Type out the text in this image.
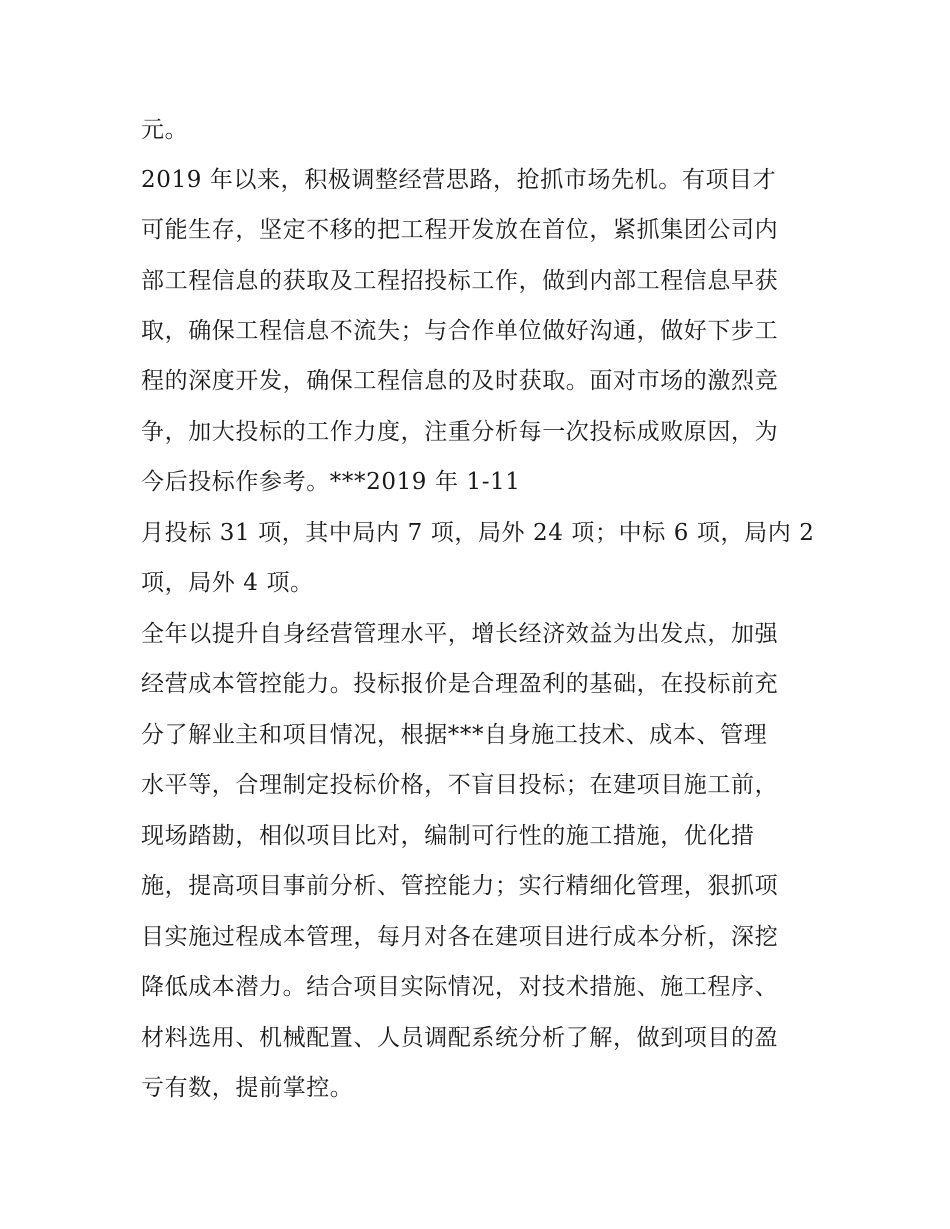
元。
2019 年以来，积极调整经营思路，抢抓市场先机。有项目才
可能生存，坚定不移的把工程开发放在首位，紧抓集团公司内
部工程信息的获取及工程招投标工作，做到内部工程信息早获
取，确保工程信息不流失；与合作单位做好沟通，做好下步工
程的深度开发，确保工程信息的及时获取。面对市场的激烈竞
争，加大投标的工作力度，注重分析每一次投标成败原因，为
今后投标作参考。***2019 年 1-11
月投标 31 项，其中局内 7 项，局外 24 项；中标 6 项，局内 2
项，局外 4 项。
全年以提升自身经营管理水平，增长经济效益为出发点，加强
经营成本管控能力。投标报价是合理盈利的基础，在投标前充
分了解业主和项目情况，根据***自身施工技术、成本、管理
水平等，合理制定投标价格，不盲目投标；在建项目施工前，
现场踏勘，相似项目比对，编制可行性的施工措施，优化措
施，提高项目事前分析、管控能力；实行精细化管理，狠抓项
目实施过程成本管理，每月对各在建项目进行成本分析，深挖
降低成本潜力。结合项目实际情况，对技术措施、施工程序、
材料选用、机械配置、人员调配系统分析了解，做到项目的盈
亏有数，提前掌控。
